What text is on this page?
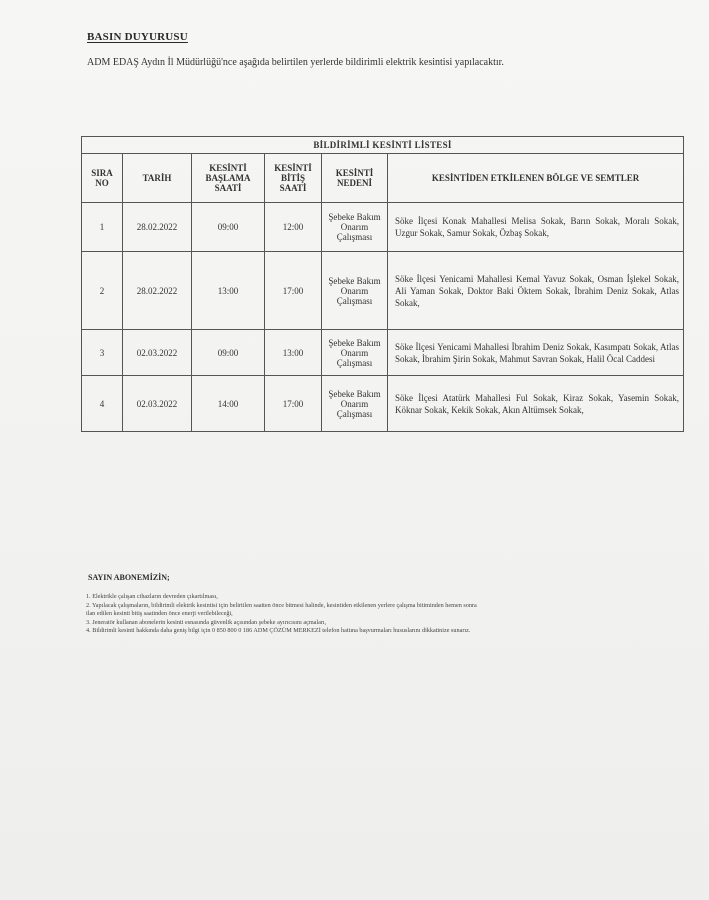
BASIN DUYURUSU
ADM EDAŞ Aydın İl Müdürlüğü'nce aşağıda belirtilen yerlerde bildirimli elektrik kesintisi yapılacaktır.
BİLDİRİMLİ KESİNTİ LİSTESİ					
SIRA NO	TARİH	KESİNTİ BAŞLAMA SAATİ	KESİNTİ BİTİŞ SAATİ	KESİNTİ NEDENİ	KESİNTİDEN ETKİLENEN BÖLGE VE SEMTLER
1	28.02.2022	09:00	12:00	Şebeke Bakım Onarım Çalışması	Söke İlçesi Konak Mahallesi Melisa Sokak, Barın Sokak, Moralı Sokak, Uzgur Sokak, Samur Sokak, Özbaş Sokak,
2	28.02.2022	13:00	17:00	Şebeke Bakım Onarım Çalışması	Söke İlçesi Yenicami Mahallesi Kemal Yavuz Sokak, Osman İşlekel Sokak, Ali Yaman Sokak, Doktor Baki Öktem Sokak, İbrahim Deniz Sokak, Atlas Sokak,
3	02.03.2022	09:00	13:00	Şebeke Bakım Onarım Çalışması	Söke İlçesi Yenicami Mahallesi İbrahim Deniz Sokak, Kasımpatı Sokak, Atlas Sokak, İbrahim Şirin Sokak, Mahmut Savran Sokak, Halil Öcal Caddesi
4	02.03.2022	14:00	17:00	Şebeke Bakım Onarım Çalışması	Söke İlçesi Atatürk Mahallesi Ful Sokak, Kiraz Sokak, Yasemin Sokak, Köknar Sokak, Kekik Sokak, Akın Altümsek Sokak,
SAYIN ABONEMİZİN;
1. Elektrikle çalışan cihazların devreden çıkartılması,
2. Yapılacak çalışmaların, bildirimli elektrik kesintisi için belirtilen saatten önce bitmesi halinde, kesintiden etkilenen yerlere çalışma bitiminden hemen sonra
ilan edilen kesinti bitiş saatinden önce enerji verilebileceği,
3. Jeneratör kullanan abonelerin kesinti esnasında güvenlik açısından şebeke ayırıcısını açmaları,
4. Bildirimli kesinti hakkında daha geniş bilgi için 0 850 800 0 186 ADM ÇÖZÜM MERKEZİ telefon hattına başvurmaları hususlarını dikkatinize sunarız.
